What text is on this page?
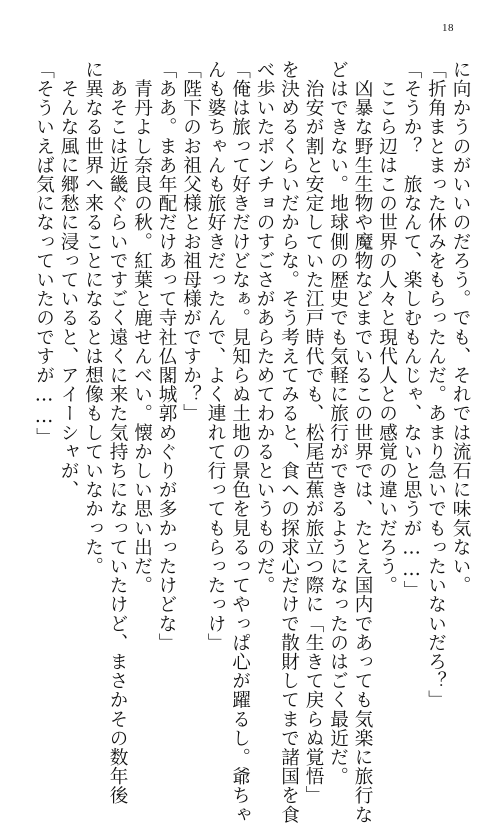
18
に向かうのがいいのだろう。でも、それでは流石に味気ない。
「折角まとまった休みをもらったんだ。あまり急いでもったいないだろ？」
「そうか？　旅なんて、楽しむもんじゃ、ないと思うが……」
　ここら辺はこの世界の人々と現代人との感覚の違いだろう。
　凶暴な野生生物や魔物などまでいるこの世界では、たとえ国内であっても気楽に旅行な
どはできない。地球側の歴史でも気軽に旅行ができるようになったのはごく最近だ。
　治安が割と安定していた江戸時代でも、松尾芭蕉が旅立つ際に「生きて戻らぬ覚悟」
を決めるくらいだからな。そう考えてみると、食への探求心だけで散財してまで諸国を食
べ歩いたポンチョのすごさがあらためてわかるというものだ。
「俺は旅って好きだけどなぁ。見知らぬ土地の景色を見るってやっぱ心が躍るし。爺ちゃ
んも婆ちゃんも旅好きだったんで、よく連れて行ってもらったっけ」
「陛下のお祖父様とお祖母様がですか？」
「ああ。まあ年配だけあって寺社仏閣城郭めぐりが多かったけどな」
　青丹よし奈良の秋。紅葉と鹿せんべい。懐かしい思い出だ。
　あそこは近畿ぐらいですごく遠くに来た気持ちになっていたけど、まさかその数年後
に異なる世界へ来ることになるとは想像もしていなかった。
　そんな風に郷愁に浸っていると、アイーシャが、
「そういえば気になっていたのですが……」
